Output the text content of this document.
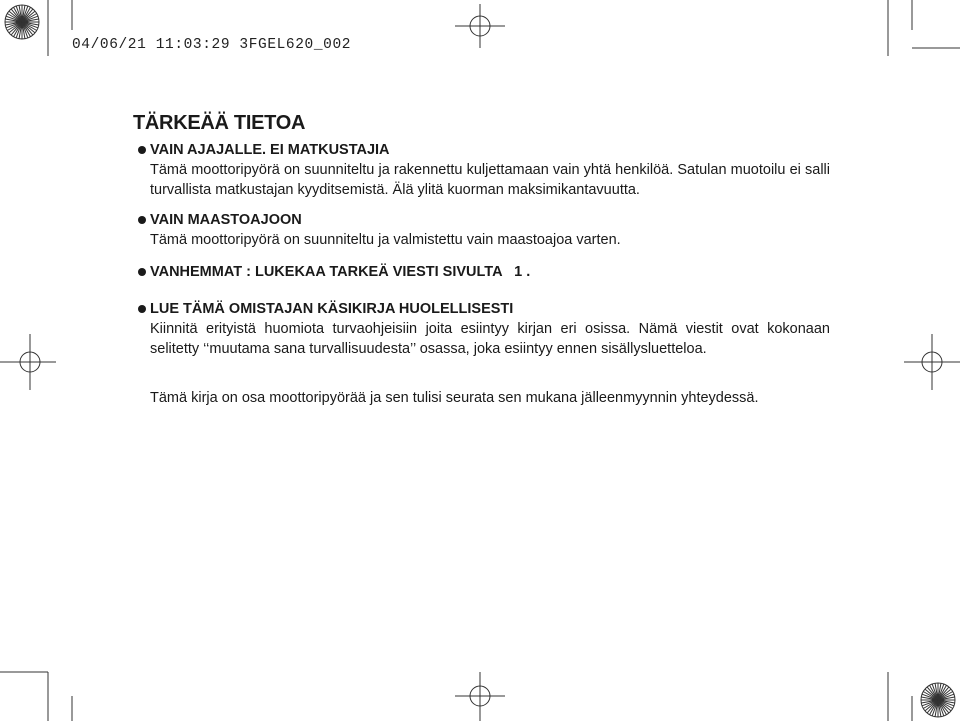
04/06/21 11:03:29 3FGEL620_002
TÄRKEÄÄ TIETOA
VAIN AJAJALLE. EI MATKUSTAJIA

Tämä moottoripyörä on suunniteltu ja rakennettu kuljettamaan vain yhtä henkilöä. Satulan muotoilu ei salli turvallista matkustajan kyyditsemistä. Älä ylitä kuorman maksimikantavuutta.

VAIN MAASTOAJOON

Tämä moottoripyörä on suunniteltu ja valmistettu vain maastoajoa varten.

VANHEMMAT : LUKEKAA TARKEÄ VIESTI SIVULTA   1 .
LUE TÄMÄ OMISTAJAN KÄSIKIRJA HUOLELLISESTI

Kiinnitä erityistä huomiota turvaohjeisiin joita esiintyy kirjan eri osissa. Nämä viestit ovat kokonaan selitetty ‘‘muutama sana turvallisuudesta’’ osassa, joka esiintyy ennen sisällysluetteloa.

Tämä kirja on osa moottoripyörää ja sen tulisi seurata sen mukana jälleenmyynnin yhteydessä.
